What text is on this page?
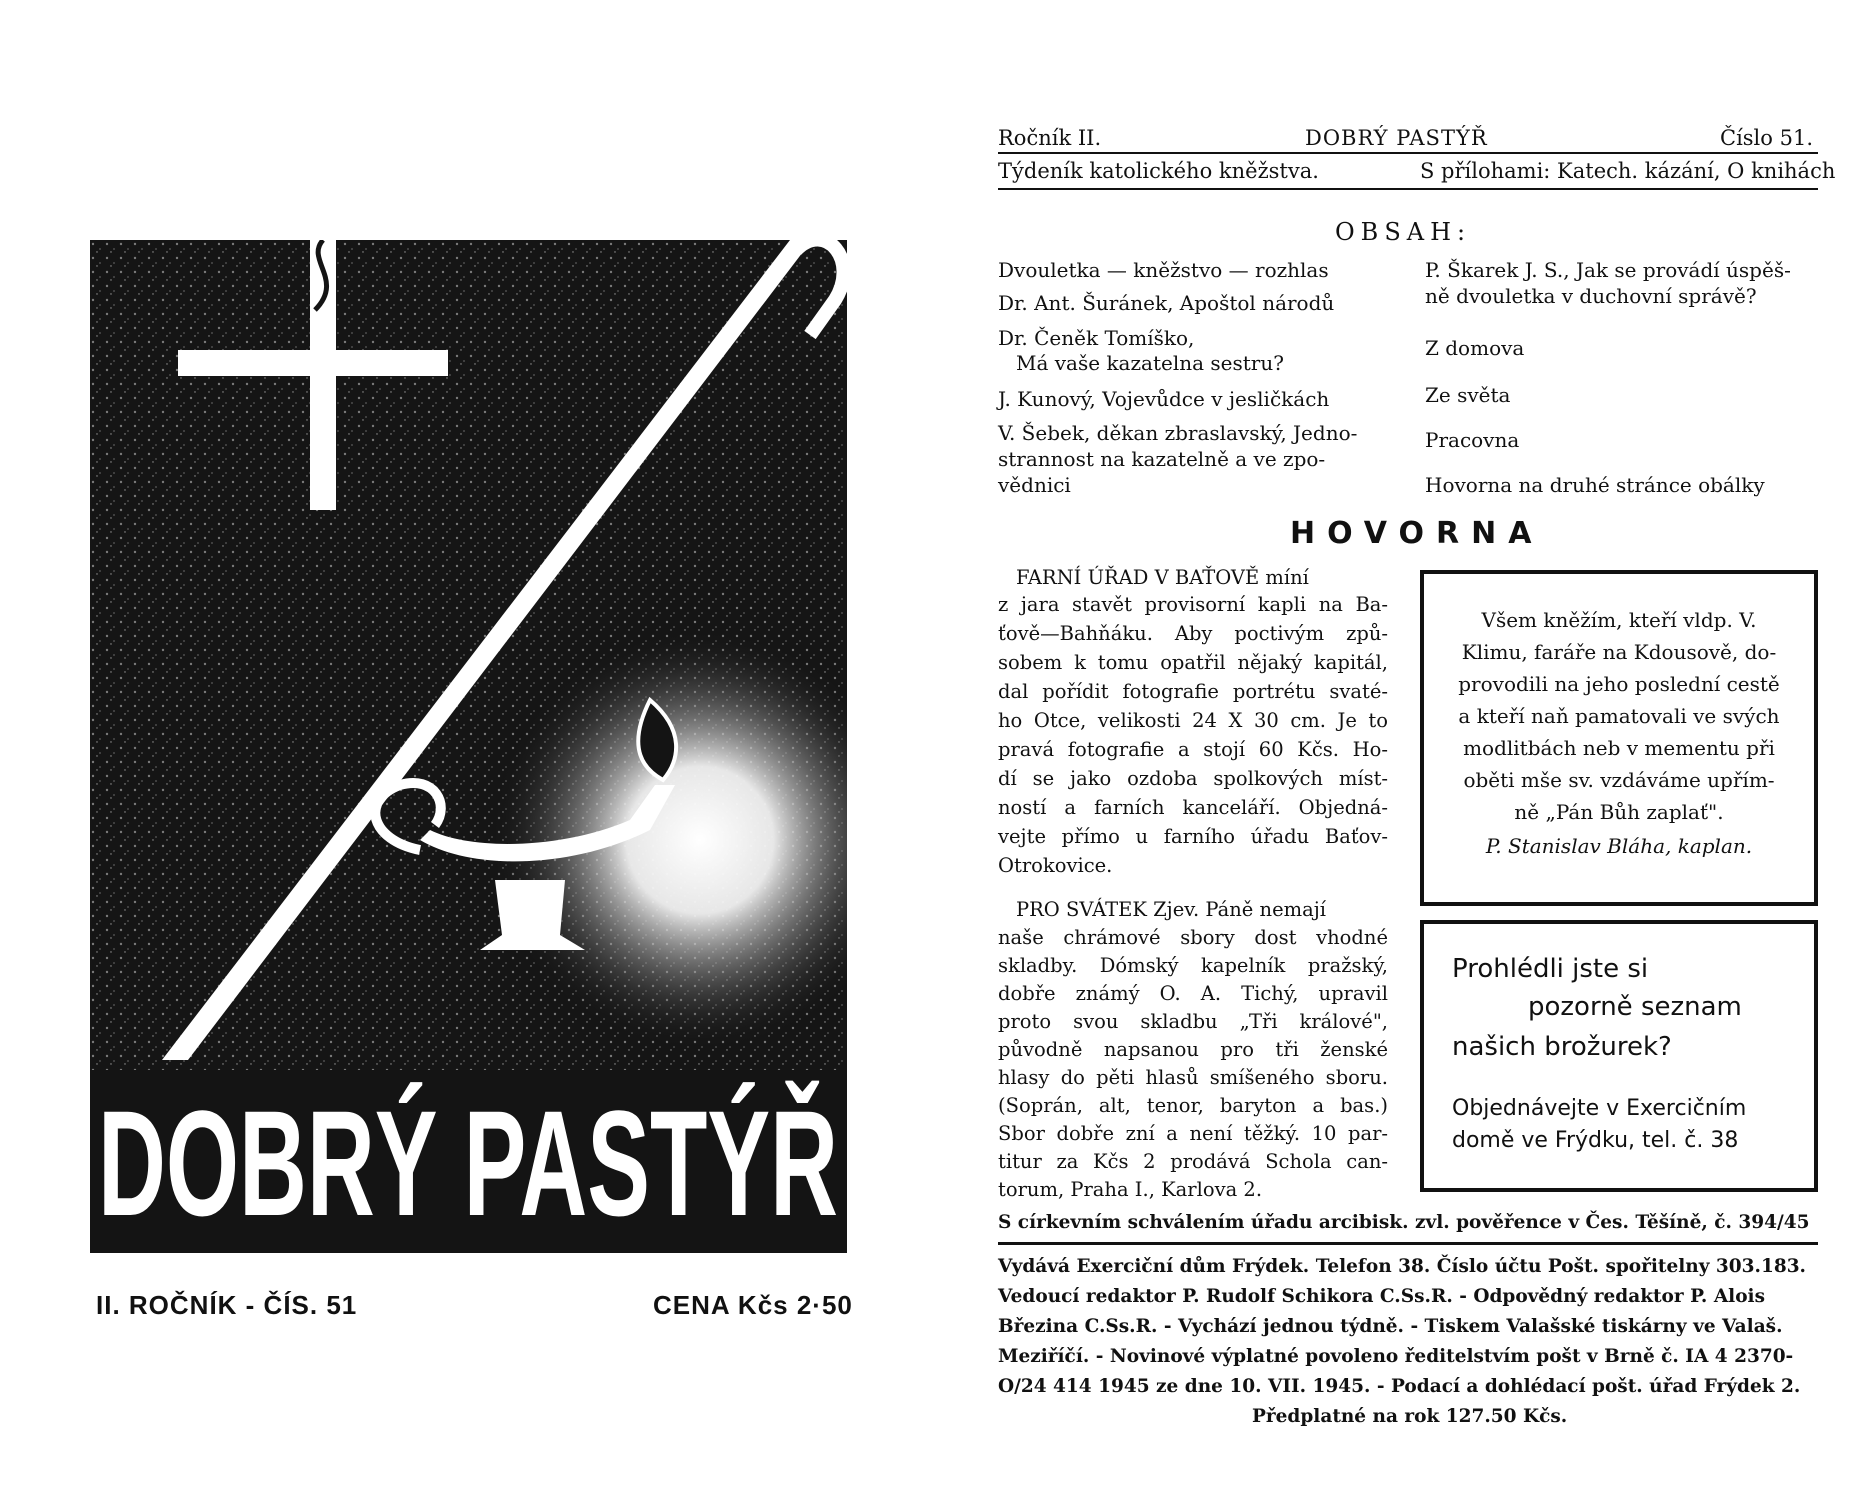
DOBRÝ PASTÝŘ
II. ROČNÍK - ČÍS. 51	CENA Kčs 2·50
Ročník II.	DOBRÝ PASTÝŘ	Číslo 51.
Týdeník katolického kněžstva.	S přílohami: Katech. kázání, O knihách
OBSAH:
Dvouletka — kněžstvo — rozhlas
Dr. Ant. Šuránek, Apoštol národů
Dr. Čeněk Tomíško,
Má vaše kazatelna sestru?
J. Kunový, Vojevůdce v jesličkách
V. Šebek, děkan zbraslavský, Jedno-
strannost na kazatelně a ve zpo-
vědnici
P. Škarek J. S., Jak se provádí úspěš-
ně dvouletka v duchovní správě?
Z domova
Ze světa
Pracovna
Hovorna na druhé stránce obálky
HOVORNA
FARNÍ ÚŘAD V BAŤOVĚ míní
z jara stavět provisorní kapli na Ba-
ťově—Bahňáku. Aby poctivým způ-
sobem k tomu opatřil nějaký kapitál,
dal pořídit fotografie portrétu svaté-
ho Otce, velikosti 24 X 30 cm. Je to
pravá fotografie a stojí 60 Kčs. Ho-
dí se jako ozdoba spolkových míst-
ností a farních kanceláří. Objedná-
vejte přímo u farního úřadu Baťov-
Otrokovice.
PRO SVÁTEK Zjev. Páně nemají
naše chrámové sbory dost vhodné
skladby. Dómský kapelník pražský,
dobře známý O. A. Tichý, upravil
proto svou skladbu „Tři králové",
původně napsanou pro tři ženské
hlasy do pěti hlasů smíšeného sboru.
(Soprán, alt, tenor, baryton a bas.)
Sbor dobře zní a není těžký. 10 par-
titur za Kčs 2 prodává Schola can-
torum, Praha I., Karlova 2.
Všem kněžím, kteří vldp. V.
Klimu, faráře na Kdousově, do-
provodili na jeho poslední cestě
a kteří naň pamatovali ve svých
modlitbách neb v mementu při
oběti mše sv. vzdáváme upřím-
ně „Pán Bůh zaplať".
P. Stanislav Bláha, kaplan.
Prohlédli jste si
pozorně seznam
našich brožurek?
Objednávejte v Exercičním
domě ve Frýdku, tel. č. 38
S církevním schválením úřadu arcibisk. zvl. pověřence v Čes. Těšíně, č. 394/45
Vydává Exerciční dům Frýdek. Telefon 38. Číslo účtu Pošt. spořitelny 303.183.
Vedoucí redaktor P. Rudolf Schikora C.Ss.R. - Odpovědný redaktor P. Alois
Březina C.Ss.R. - Vychází jednou týdně. - Tiskem Valašské tiskárny ve Valaš.
Meziříčí. - Novinové výplatné povoleno ředitelstvím pošt v Brně č. IA 4 2370-
O/24 414 1945 ze dne 10. VII. 1945. - Podací a dohlédací pošt. úřad Frýdek 2.
Předplatné na rok 127.50 Kčs.
